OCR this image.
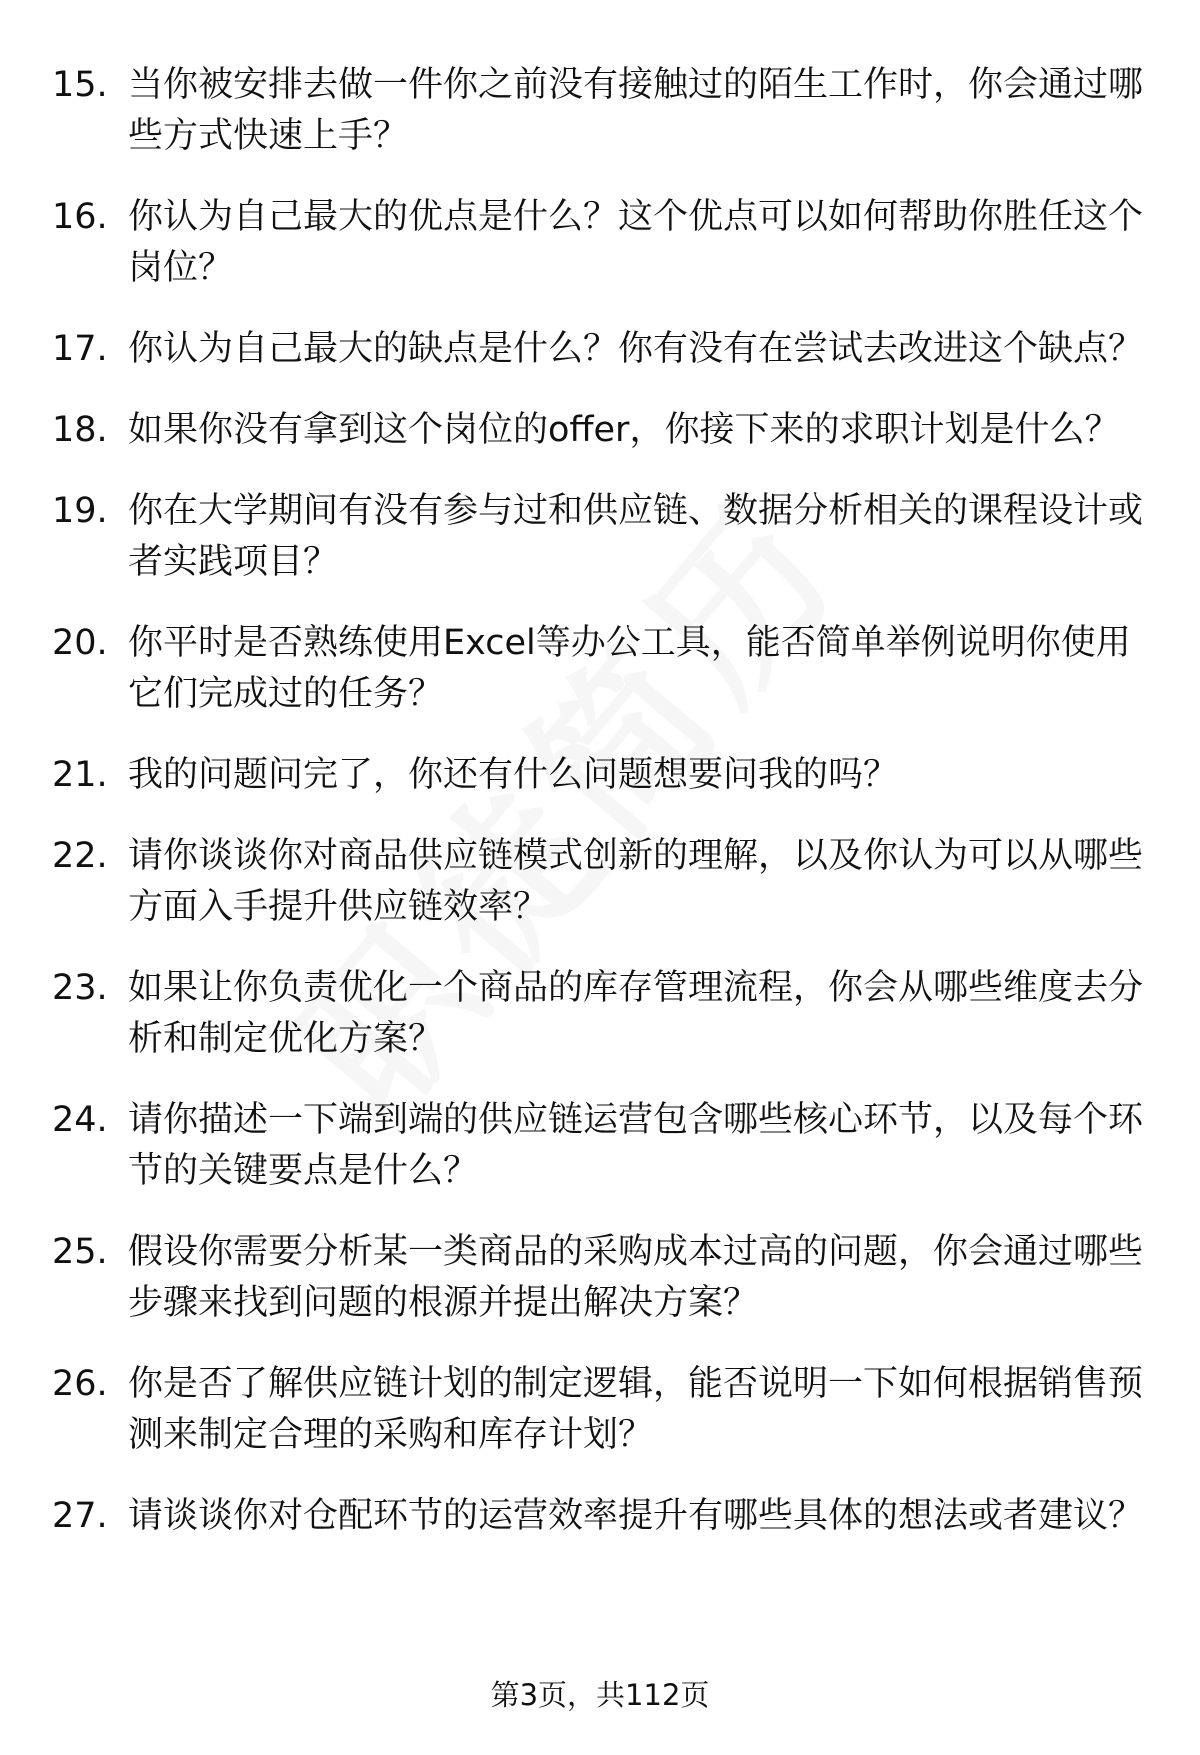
15. 当你被安排去做一件你之前没有接触过的陌生工作时，你会通过哪些方式快速上手？
16. 你认为自己最大的优点是什么？这个优点可以如何帮助你胜任这个岗位？
17. 你认为自己最大的缺点是什么？你有没有在尝试去改进这个缺点？
18. 如果你没有拿到这个岗位的offer，你接下来的求职计划是什么？
19. 你在大学期间有没有参与过和供应链、数据分析相关的课程设计或者实践项目？
20. 你平时是否熟练使用Excel等办公工具，能否简单举例说明你使用它们完成过的任务？
21. 我的问题问完了，你还有什么问题想要问我的吗？
22. 请你谈谈你对商品供应链模式创新的理解，以及你认为可以从哪些方面入手提升供应链效率？
23. 如果让你负责优化一个商品的库存管理流程，你会从哪些维度去分析和制定优化方案？
24. 请你描述一下端到端的供应链运营包含哪些核心环节，以及每个环节的关键要点是什么？
25. 假设你需要分析某一类商品的采购成本过高的问题，你会通过哪些步骤来找到问题的根源并提出解决方案？
26. 你是否了解供应链计划的制定逻辑，能否说明一下如何根据销售预测来制定合理的采购和库存计划？
27. 请谈谈你对仓配环节的运营效率提升有哪些具体的想法或者建议？
第3页，共112页
